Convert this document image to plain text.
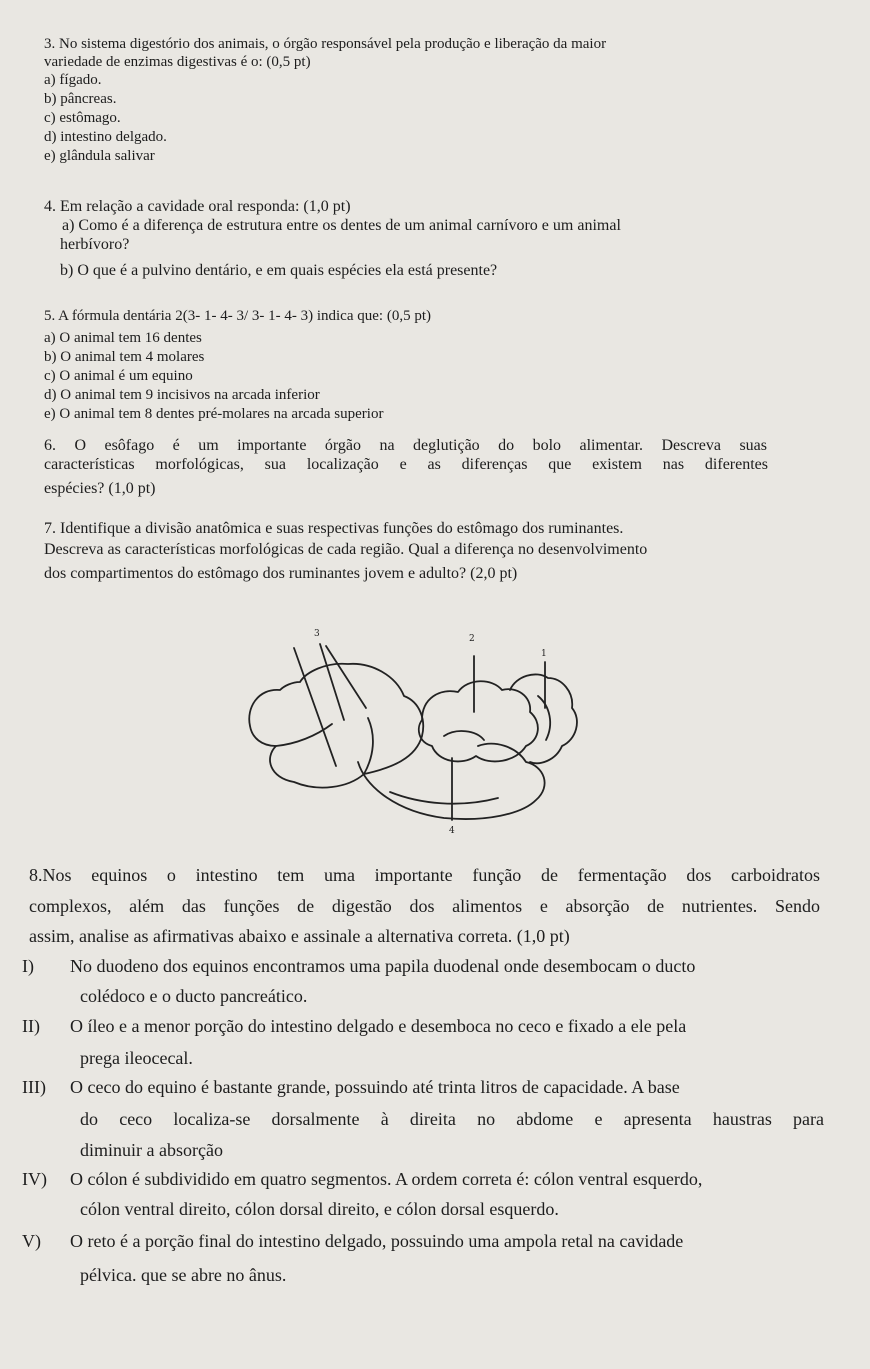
3. No sistema digestório dos animais, o órgão responsável pela produção e liberação da maior
variedade de enzimas digestivas é o: (0,5 pt)
a) fígado.
b) pâncreas.
c) estômago.
d) intestino delgado.
e) glândula salivar
4. Em relação a cavidade oral responda: (1,0 pt)
a) Como é a diferença de estrutura entre os dentes de um animal carnívoro e um animal
herbívoro?
b) O que é a pulvino dentário, e em quais espécies ela está presente?
5. A fórmula dentária 2(3- 1- 4- 3/ 3- 1- 4- 3) indica que: (0,5 pt)
a) O animal tem 16 dentes
b) O animal tem 4 molares
c) O animal é um equino
d) O animal tem 9 incisivos na arcada inferior
e) O animal tem 8 dentes pré-molares na arcada superior
6. O esôfago é um importante órgão na deglutição do bolo alimentar. Descreva suas
características morfológicas, sua localização e as diferenças que existem nas diferentes
espécies? (1,0 pt)
7. Identifique a divisão anatômica e suas respectivas funções do estômago dos ruminantes.
Descreva as características morfológicas de cada região. Qual a diferença no desenvolvimento
dos compartimentos do estômago dos ruminantes jovem e adulto? (2,0 pt)
3	2
1
4
8.Nos equinos o intestino tem uma importante função de fermentação dos carboidratos
complexos, além das funções de digestão dos alimentos e absorção de nutrientes. Sendo
assim, analise as afirmativas abaixo e assinale a alternativa correta. (1,0 pt)
I) No duodeno dos equinos encontramos uma papila duodenal onde desembocam o ducto
colédoco e o ducto pancreático.
II) O íleo e a menor porção do intestino delgado e desemboca no ceco e fixado a ele pela
prega ileocecal.
III) O ceco do equino é bastante grande, possuindo até trinta litros de capacidade. A base
do ceco localiza-se dorsalmente à direita no abdome e apresenta haustras para
diminuir a absorção
IV) O cólon é subdividido em quatro segmentos. A ordem correta é: cólon ventral esquerdo,
cólon ventral direito, cólon dorsal direito, e cólon dorsal esquerdo.
V) O reto é a porção final do intestino delgado, possuindo uma ampola retal na cavidade
pélvica. que se abre no ânus.
